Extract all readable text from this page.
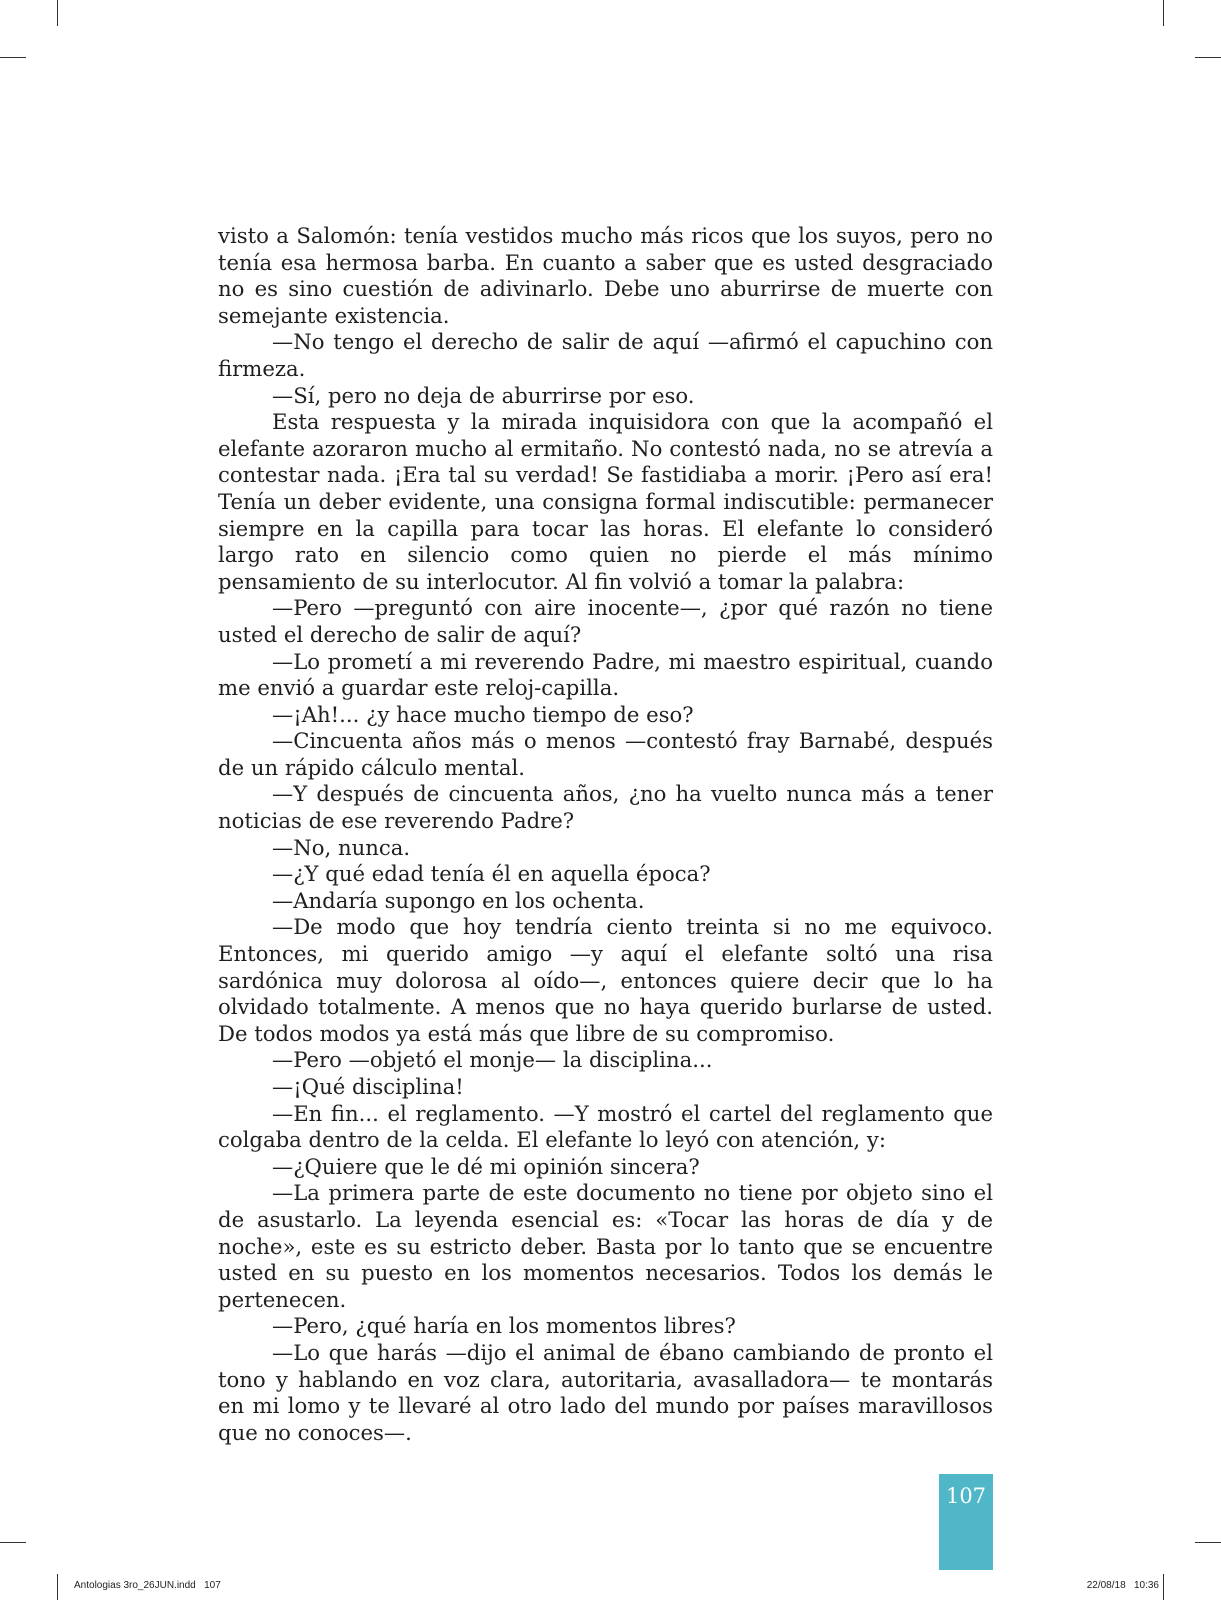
visto a Salomón: tenía vestidos mucho más ricos que los suyos, pero no tenía esa hermosa barba. En cuanto a saber que es usted desgraciado no es sino cuestión de adivinarlo. Debe uno aburrirse de muerte con semejante existencia.

—No tengo el derecho de salir de aquí —afirmó el capuchino con firmeza.

—Sí, pero no deja de aburrirse por eso.

Esta respuesta y la mirada inquisidora con que la acompañó el elefante azoraron mucho al ermitaño. No contestó nada, no se atrevía a contestar nada. ¡Era tal su verdad! Se fastidiaba a morir. ¡Pero así era! Tenía un deber evidente, una consigna formal indiscutible: permanecer siempre en la capilla para tocar las horas. El elefante lo consideró largo rato en silencio como quien no pierde el más mínimo pensamiento de su interlocutor. Al fin volvió a tomar la palabra:

—Pero —preguntó con aire inocente—, ¿por qué razón no tiene usted el derecho de salir de aquí?

—Lo prometí a mi reverendo Padre, mi maestro espiritual, cuando me envió a guardar este reloj-capilla.

—¡Ah!... ¿y hace mucho tiempo de eso?

—Cincuenta años más o menos —contestó fray Barnabé, después de un rápido cálculo mental.

—Y después de cincuenta años, ¿no ha vuelto nunca más a tener noticias de ese reverendo Padre?

—No, nunca.

—¿Y qué edad tenía él en aquella época?

—Andaría supongo en los ochenta.

—De modo que hoy tendría ciento treinta si no me equivoco. Entonces, mi querido amigo —y aquí el elefante soltó una risa sardónica muy dolorosa al oído—, entonces quiere decir que lo ha olvidado totalmente. A menos que no haya querido burlarse de usted. De todos modos ya está más que libre de su compromiso.

—Pero —objetó el monje— la disciplina...

—¡Qué disciplina!

—En fin... el reglamento. —Y mostró el cartel del reglamento que colgaba dentro de la celda. El elefante lo leyó con atención, y:

—¿Quiere que le dé mi opinión sincera?

—La primera parte de este documento no tiene por objeto sino el de asustarlo. La leyenda esencial es: «Tocar las horas de día y de noche», este es su estricto deber. Basta por lo tanto que se encuentre usted en su puesto en los momentos necesarios. Todos los demás le pertenecen.

—Pero, ¿qué haría en los momentos libres?

—Lo que harás —dijo el animal de ébano cambiando de pronto el tono y hablando en voz clara, autoritaria, avasalladora— te montarás en mi lomo y te llevaré al otro lado del mundo por países maravillosos que no conoces—.

107
Antologias 3ro_26JUN.indd   107	22/08/18   10:36
